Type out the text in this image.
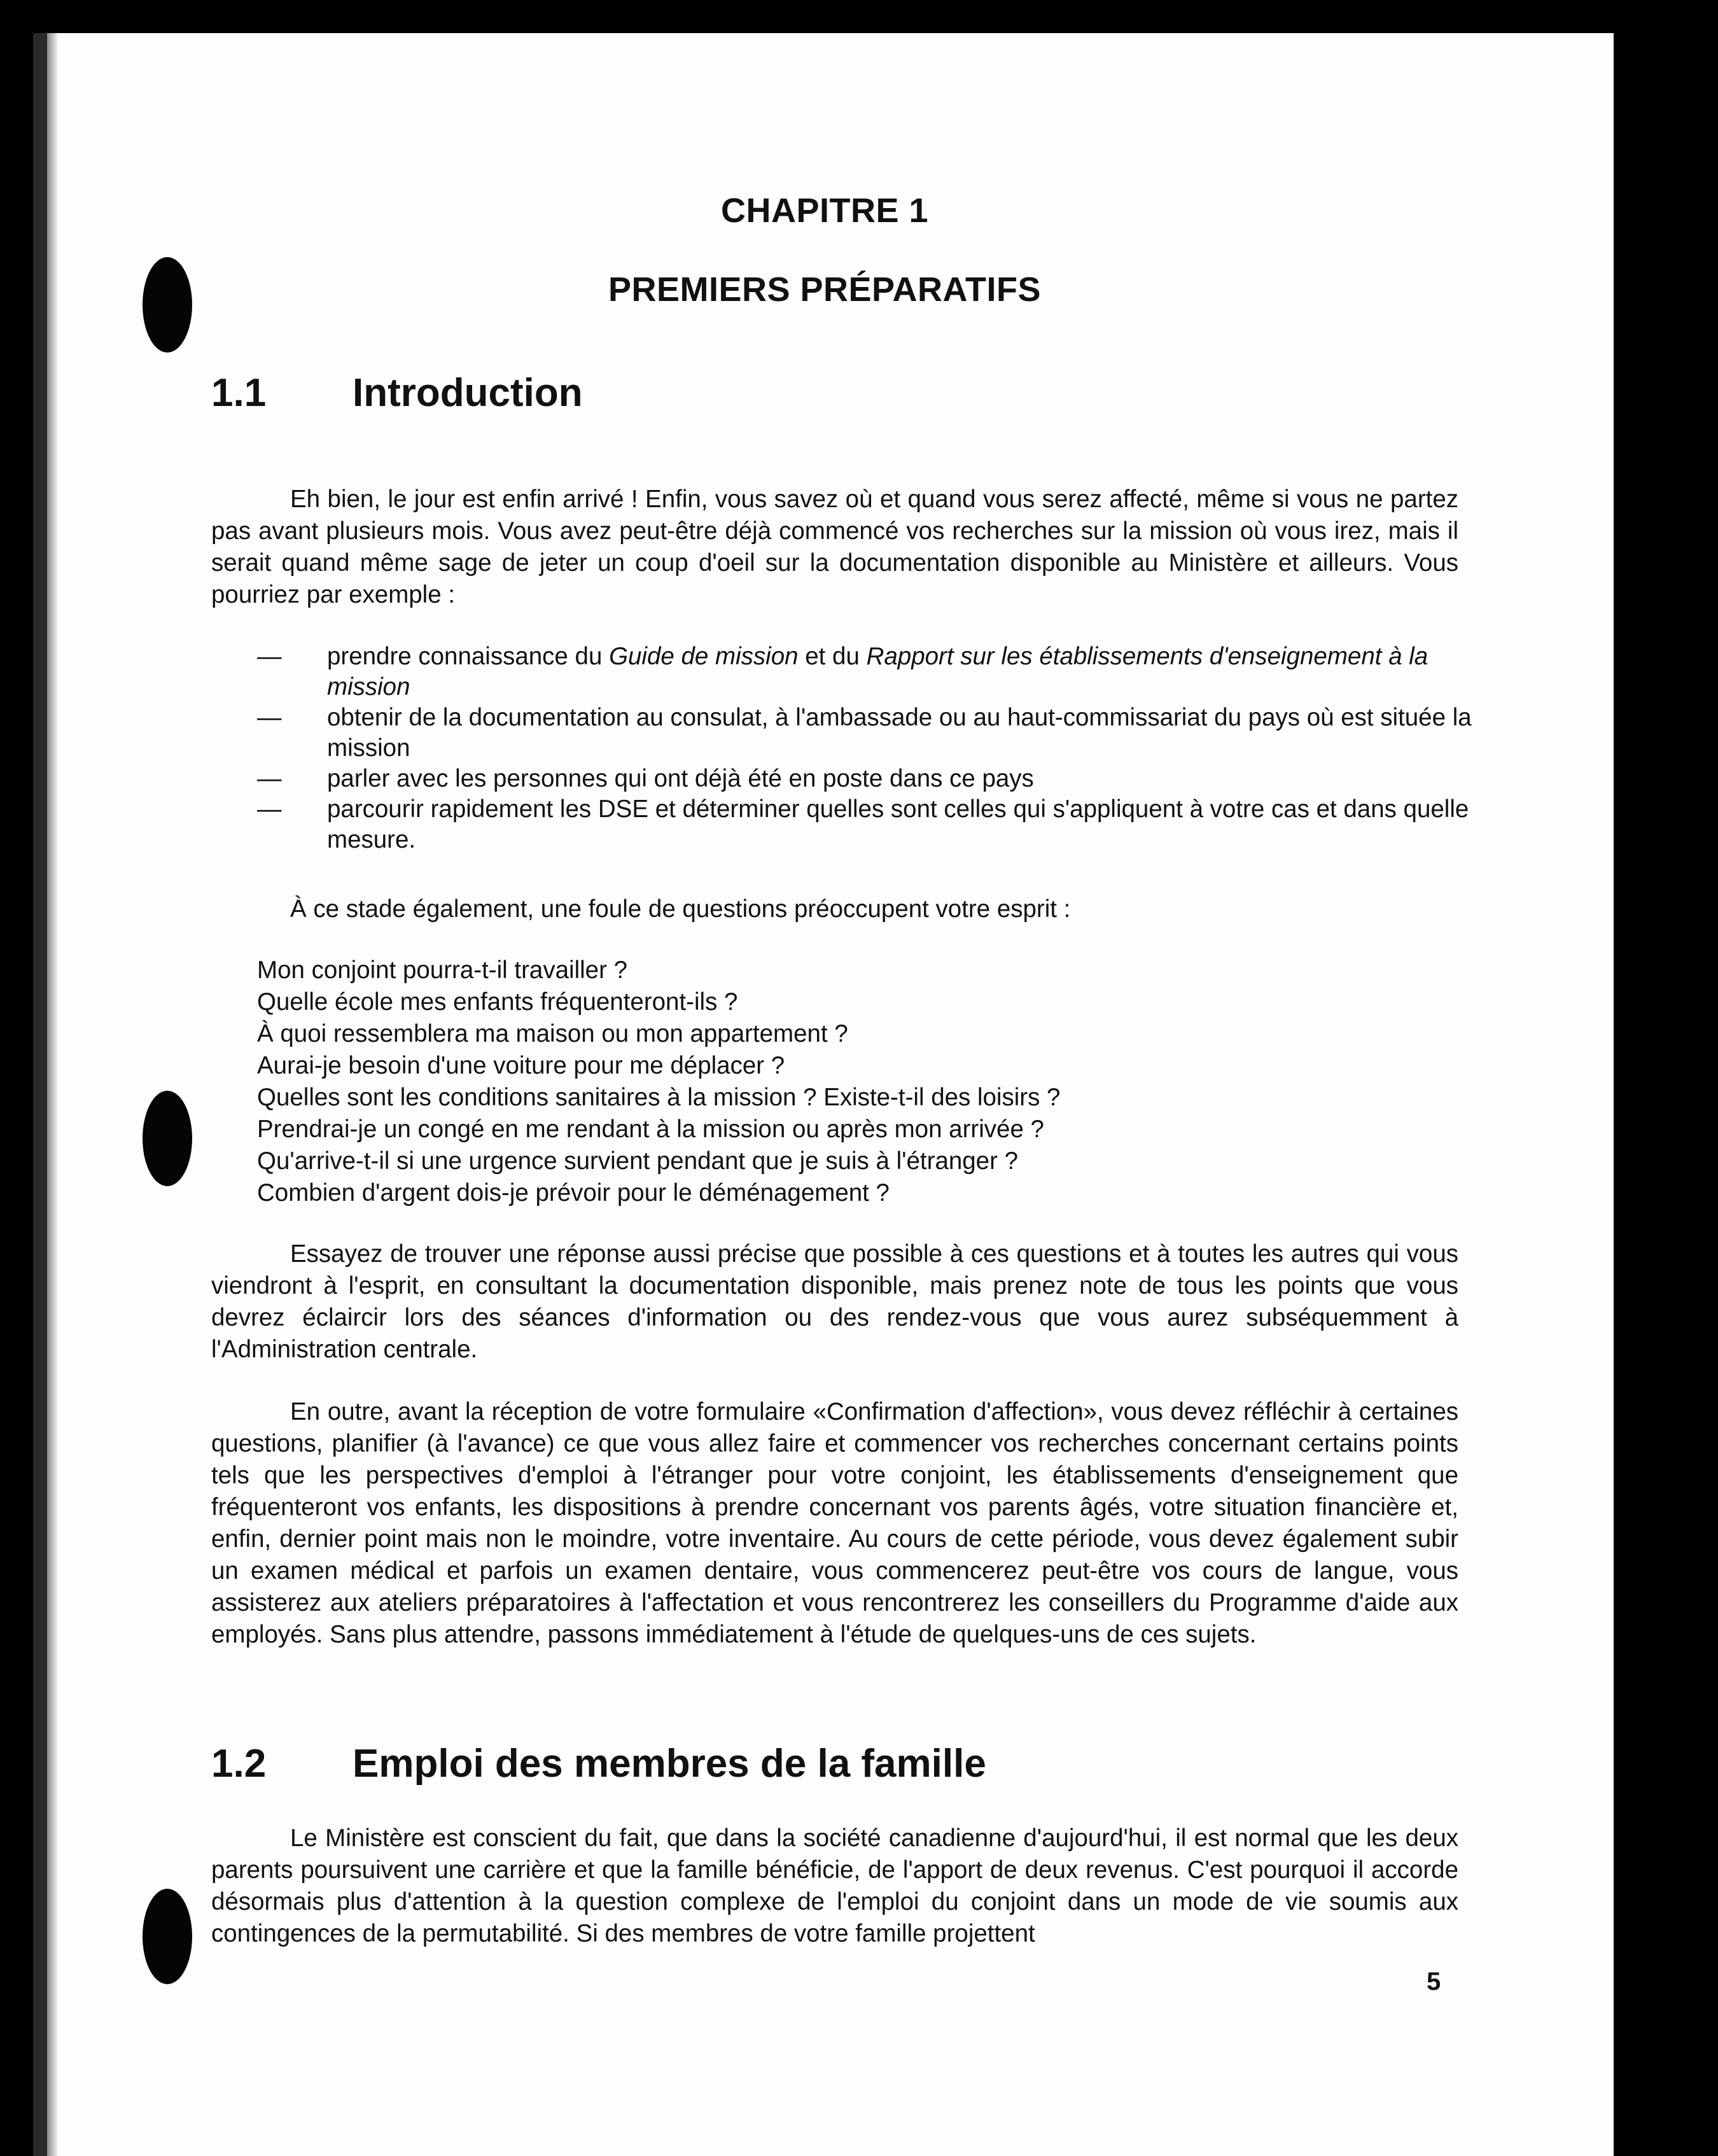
CHAPITRE 1
PREMIERS PRÉPARATIFS
1.1 Introduction

Eh bien, le jour est enfin arrivé ! Enfin, vous savez où et quand vous serez affecté, même si vous ne partez pas avant plusieurs mois. Vous avez peut-être déjà commencé vos recherches sur la mission où vous irez, mais il serait quand même sage de jeter un coup d'oeil sur la documentation disponible au Ministère et ailleurs. Vous pourriez par exemple :

— prendre connaissance du Guide de mission et du Rapport sur les établissements d'enseignement à la mission
— obtenir de la documentation au consulat, à l'ambassade ou au haut-commissariat du pays où est située la mission
— parler avec les personnes qui ont déjà été en poste dans ce pays
— parcourir rapidement les DSE et déterminer quelles sont celles qui s'appliquent à votre cas et dans quelle mesure.

À ce stade également, une foule de questions préoccupent votre esprit :

Mon conjoint pourra-t-il travailler ?
Quelle école mes enfants fréquenteront-ils ?
À quoi ressemblera ma maison ou mon appartement ?
Aurai-je besoin d'une voiture pour me déplacer ?
Quelles sont les conditions sanitaires à la mission ? Existe-t-il des loisirs ?
Prendrai-je un congé en me rendant à la mission ou après mon arrivée ?
Qu'arrive-t-il si une urgence survient pendant que je suis à l'étranger ?
Combien d'argent dois-je prévoir pour le déménagement ?

Essayez de trouver une réponse aussi précise que possible à ces questions et à toutes les autres qui vous viendront à l'esprit, en consultant la documentation disponible, mais prenez note de tous les points que vous devrez éclaircir lors des séances d'information ou des rendez-vous que vous aurez subséquemment à l'Administration centrale.

En outre, avant la réception de votre formulaire «Confirmation d'affection», vous devez réfléchir à certaines questions, planifier (à l'avance) ce que vous allez faire et commencer vos recherches concernant certains points tels que les perspectives d'emploi à l'étranger pour votre conjoint, les établissements d'enseignement que fréquenteront vos enfants, les dispositions à prendre concernant vos parents âgés, votre situation financière et, enfin, dernier point mais non le moindre, votre inventaire. Au cours de cette période, vous devez également subir un examen médical et parfois un examen dentaire, vous commencerez peut-être vos cours de langue, vous assisterez aux ateliers préparatoires à l'affectation et vous rencontrerez les conseillers du Programme d'aide aux employés. Sans plus attendre, passons immédiatement à l'étude de quelques-uns de ces sujets.

1.2 Emploi des membres de la famille

Le Ministère est conscient du fait, que dans la société canadienne d'aujourd'hui, il est normal que les deux parents poursuivent une carrière et que la famille bénéficie, de l'apport de deux revenus. C'est pourquoi il accorde désormais plus d'attention à la question complexe de l'emploi du conjoint dans un mode de vie soumis aux contingences de la permutabilité. Si des membres de votre famille projettent

5
